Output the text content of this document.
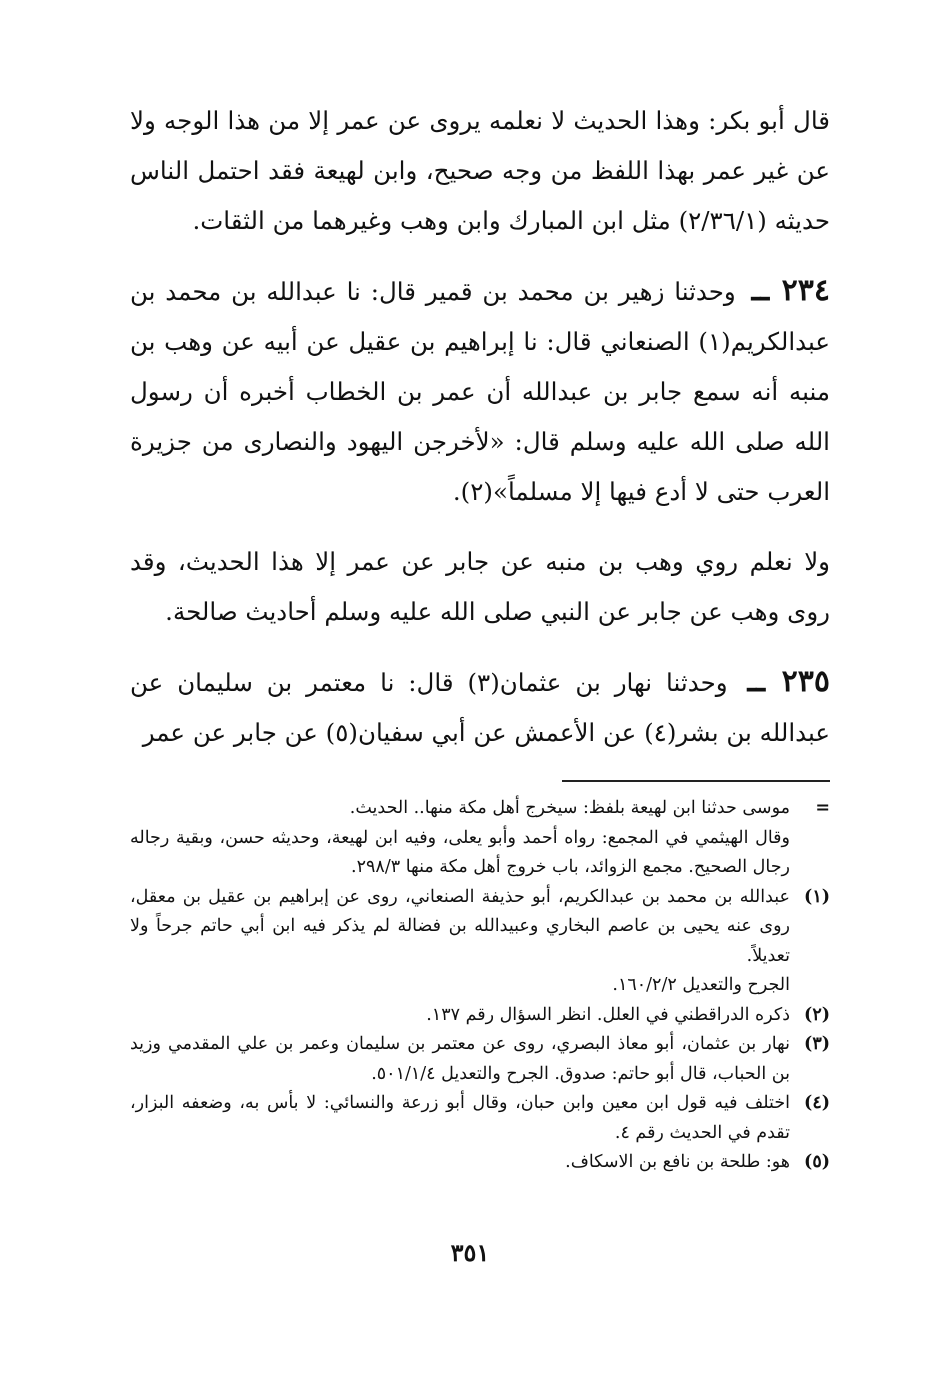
قال أبو بكر: وهذا الحديث لا نعلمه يروى عن عمر إلا من هذا الوجه ولا عن غير عمر بهذا اللفظ من وجه صحيح، وابن لهيعة فقد احتمل الناس حديثه (٢/٣٦/١) مثل ابن المبارك وابن وهب وغيرهما من الثقات.

٢٣٤ ــ وحدثنا زهير بن محمد بن قمير قال: نا عبدالله بن محمد بن عبدالكريم(١) الصنعاني قال: نا إبراهيم بن عقيل عن أبيه عن وهب بن منبه أنه سمع جابر بن عبدالله أن عمر بن الخطاب أخبره أن رسول الله صلى الله عليه وسلم قال: «لأخرجن اليهود والنصارى من جزيرة العرب حتى لا أدع فيها إلا مسلماً»(٢).

ولا نعلم روي وهب بن منبه عن جابر عن عمر إلا هذا الحديث، وقد روى وهب عن جابر عن النبي صلى الله عليه وسلم أحاديث صالحة.

٢٣٥ ــ وحدثنا نهار بن عثمان(٣) قال: نا معتمر بن سليمان عن عبدالله بن بشر(٤) عن الأعمش عن أبي سفيان(٥) عن جابر عن عمر

=

موسى حدثنا ابن لهيعة بلفظ: سيخرج أهل مكة منها.. الحديث.

وقال الهيثمي في المجمع: رواه أحمد وأبو يعلى، وفيه ابن لهيعة، وحديثه حسن، وبقية رجاله رجال الصحيح. مجمع الزوائد، باب خروج أهل مكة منها ٢٩٨/٣.

(١)

عبدالله بن محمد بن عبدالكريم، أبو حذيفة الصنعاني، روى عن إبراهيم بن عقيل بن معقل، روى عنه يحيى بن عاصم البخاري وعبيدالله بن فضالة لم يذكر فيه ابن أبي حاتم جرحاً ولا تعديلاً.

الجرح والتعديل ١٦٠/٢/٢.

(٢)

ذكره الدراقطني في العلل. انظر السؤال رقم ١٣٧.

(٣)

نهار بن عثمان، أبو معاذ البصري، روى عن معتمر بن سليمان وعمر بن علي المقدمي وزيد بن الحباب، قال أبو حاتم: صدوق. الجرح والتعديل ٥٠١/١/٤.

(٤)

اختلف فيه قول ابن معين وابن حبان، وقال أبو زرعة والنسائي: لا بأس به، وضعفه البزار، تقدم في الحديث رقم ٤.

(٥)

هو: طلحة بن نافع بن الاسكاف.

٣٥١
